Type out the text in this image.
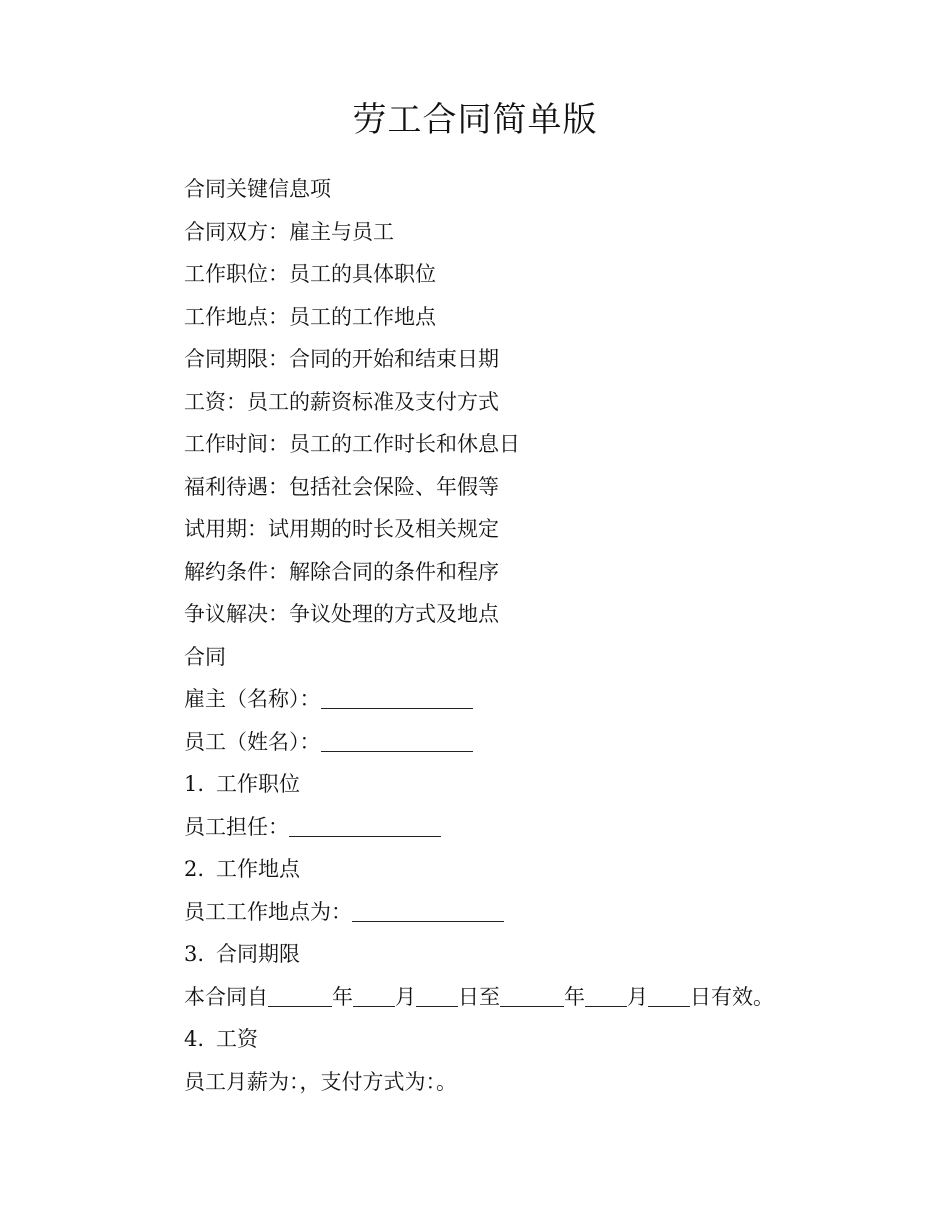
劳工合同简单版
合同关键信息项
合同双方：雇主与员工
工作职位：员工的具体职位
工作地点：员工的工作地点
合同期限：合同的开始和结束日期
工资：员工的薪资标准及支付方式
工作时间：员工的工作时长和休息日
福利待遇：包括社会保险、年假等
试用期：试用期的时长及相关规定
解约条件：解除合同的条件和程序
争议解决：争议处理的方式及地点
合同
雇主（名称）：
员工（姓名）：
1. 工作职位
员工担任：
2. 工作地点
员工工作地点为：
3. 合同期限
本合同自	年 月 日至	年 月 日有效。
4. 工资
员工月薪为：，支付方式为：。
